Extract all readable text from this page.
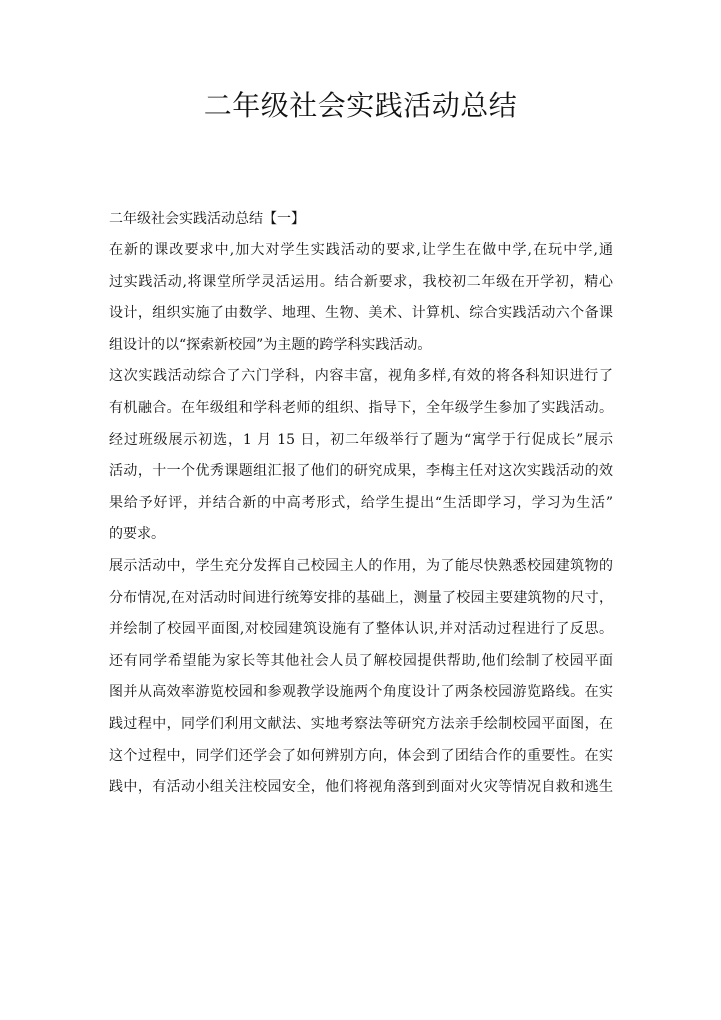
二年级社会实践活动总结

二年级社会实践活动总结【一】

在新的课改要求中,加大对学生实践活动的要求,让学生在做中学,在玩中学,通

过实践活动,将课堂所学灵活运用。结合新要求，我校初二年级在开学初，精心

设计，组织实施了由数学、地理、生物、美术、计算机、综合实践活动六个备课

组设计的以“探索新校园”为主题的跨学科实践活动。

这次实践活动综合了六门学科，内容丰富，视角多样,有效的将各科知识进行了

有机融合。在年级组和学科老师的组织、指导下，全年级学生参加了实践活动。

经过班级展示初选，1 月 15 日，初二年级举行了题为“寓学于行促成长”展示

活动，十一个优秀课题组汇报了他们的研究成果，李梅主任对这次实践活动的效

果给予好评，并结合新的中高考形式，给学生提出“生活即学习，学习为生活”

的要求。

展示活动中，学生充分发挥自己校园主人的作用，为了能尽快熟悉校园建筑物的

分布情况,在对活动时间进行统筹安排的基础上，测量了校园主要建筑物的尺寸，

并绘制了校园平面图,对校园建筑设施有了整体认识,并对活动过程进行了反思。

还有同学希望能为家长等其他社会人员了解校园提供帮助,他们绘制了校园平面

图并从高效率游览校园和参观教学设施两个角度设计了两条校园游览路线。在实

践过程中，同学们利用文献法、实地考察法等研究方法亲手绘制校园平面图，在

这个过程中，同学们还学会了如何辨别方向，体会到了团结合作的重要性。在实

践中，有活动小组关注校园安全，他们将视角落到到面对火灾等情况自救和逃生
